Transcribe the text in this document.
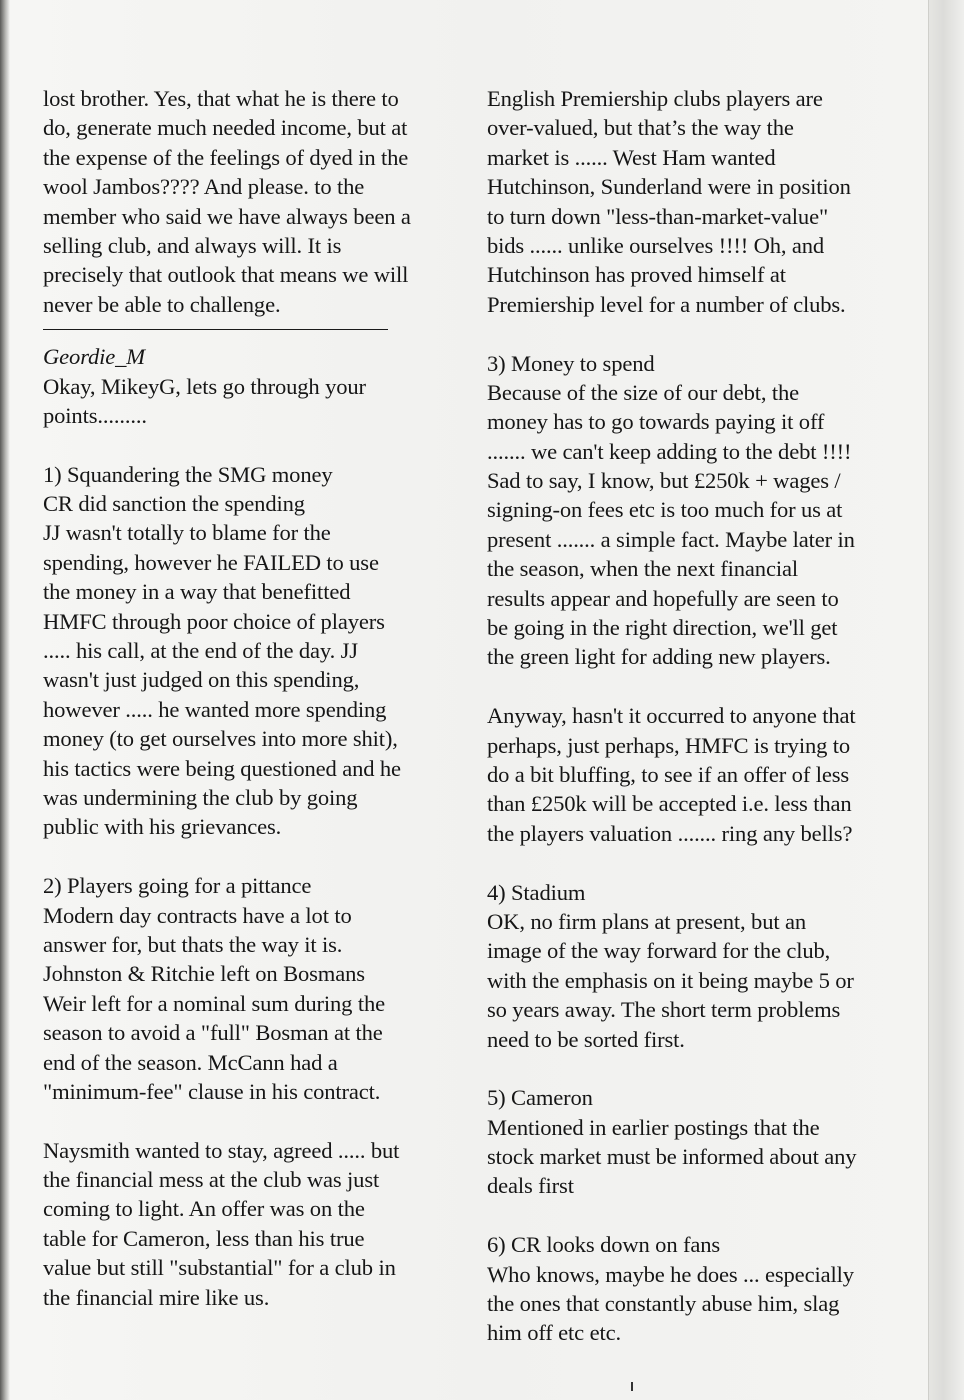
lost brother. Yes, that what he is there to
do, generate much needed income, but at
the expense of the feelings of dyed in the
wool Jambos???? And please. to the
member who said we have always been a
selling club, and always will. It is
precisely that outlook that means we will
never be able to challenge.
Geordie_M
Okay, MikeyG, lets go through your
points.........
1) Squandering the SMG money
CR did sanction the spending
JJ wasn't totally to blame for the
spending, however he FAILED to use
the money in a way that benefitted
HMFC through poor choice of players
..... his call, at the end of the day. JJ
wasn't just judged on this spending,
however ..... he wanted more spending
money (to get ourselves into more shit),
his tactics were being questioned and he
was undermining the club by going
public with his grievances.
2) Players going for a pittance
Modern day contracts have a lot to
answer for, but thats the way it is.
Johnston & Ritchie left on Bosmans
Weir left for a nominal sum during the
season to avoid a "full" Bosman at the
end of the season. McCann had a
"minimum-fee" clause in his contract.
Naysmith wanted to stay, agreed ..... but
the financial mess at the club was just
coming to light. An offer was on the
table for Cameron, less than his true
value but still "substantial" for a club in
the financial mire like us.
English Premiership clubs players are
over-valued, but that’s the way the
market is ...... West Ham wanted
Hutchinson, Sunderland were in position
to turn down "less-than-market-value"
bids ...... unlike ourselves !!!! Oh, and
Hutchinson has proved himself at
Premiership level for a number of clubs.
3) Money to spend
Because of the size of our debt, the
money has to go towards paying it off
....... we can't keep adding to the debt !!!!
Sad to say, I know, but £250k + wages /
signing-on fees etc is too much for us at
present ....... a simple fact. Maybe later in
the season, when the next financial
results appear and hopefully are seen to
be going in the right direction, we'll get
the green light for adding new players.
Anyway, hasn't it occurred to anyone that
perhaps, just perhaps, HMFC is trying to
do a bit bluffing, to see if an offer of less
than £250k will be accepted i.e. less than
the players valuation ....... ring any bells?
4) Stadium
OK, no firm plans at present, but an
image of the way forward for the club,
with the emphasis on it being maybe 5 or
so years away. The short term problems
need to be sorted first.
5) Cameron
Mentioned in earlier postings that the
stock market must be informed about any
deals first
6) CR looks down on fans
Who knows, maybe he does ... especially
the ones that constantly abuse him, slag
him off etc etc.
